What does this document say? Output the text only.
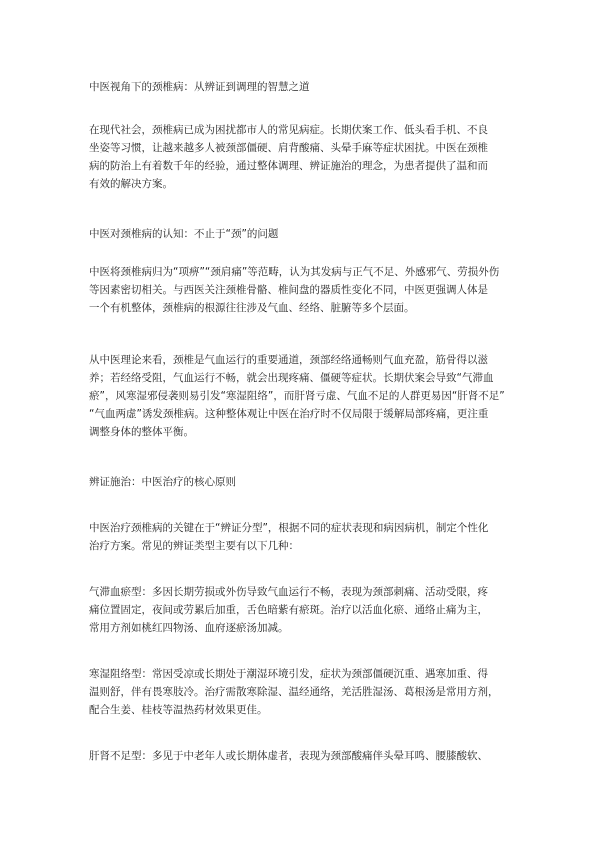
中医视角下的颈椎病：从辨证到调理的智慧之道
在现代社会，颈椎病已成为困扰都市人的常见病症。长期伏案工作、低头看手机、不良
坐姿等习惯，让越来越多人被颈部僵硬、肩背酸痛、头晕手麻等症状困扰。中医在颈椎
病的防治上有着数千年的经验，通过整体调理、辨证施治的理念，为患者提供了温和而
有效的解决方案。
中医对颈椎病的认知：不止于“颈”的问题
中医将颈椎病归为“项痹”“颈肩痛”等范畴，认为其发病与正气不足、外感邪气、劳损外伤
等因素密切相关。与西医关注颈椎骨骼、椎间盘的器质性变化不同，中医更强调人体是
一个有机整体，颈椎病的根源往往涉及气血、经络、脏腑等多个层面。
从中医理论来看，颈椎是气血运行的重要通道，颈部经络通畅则气血充盈，筋骨得以滋
养；若经络受阻，气血运行不畅，就会出现疼痛、僵硬等症状。长期伏案会导致“气滞血
瘀”，风寒湿邪侵袭则易引发“寒湿阻络”，而肝肾亏虚、气血不足的人群更易因“肝肾不足”
“气血两虚”诱发颈椎病。这种整体观让中医在治疗时不仅局限于缓解局部疼痛，更注重
调整身体的整体平衡。
辨证施治：中医治疗的核心原则
中医治疗颈椎病的关键在于“辨证分型”，根据不同的症状表现和病因病机，制定个性化
治疗方案。常见的辨证类型主要有以下几种：
气滞血瘀型：多因长期劳损或外伤导致气血运行不畅，表现为颈部刺痛、活动受限，疼
痛位置固定，夜间或劳累后加重，舌色暗紫有瘀斑。治疗以活血化瘀、通络止痛为主，
常用方剂如桃红四物汤、血府逐瘀汤加减。
寒湿阻络型：常因受凉或长期处于潮湿环境引发，症状为颈部僵硬沉重、遇寒加重、得
温则舒，伴有畏寒肢冷。治疗需散寒除湿、温经通络，羌活胜湿汤、葛根汤是常用方剂，
配合生姜、桂枝等温热药材效果更佳。
肝肾不足型：多见于中老年人或长期体虚者，表现为颈部酸痛伴头晕耳鸣、腰膝酸软、
